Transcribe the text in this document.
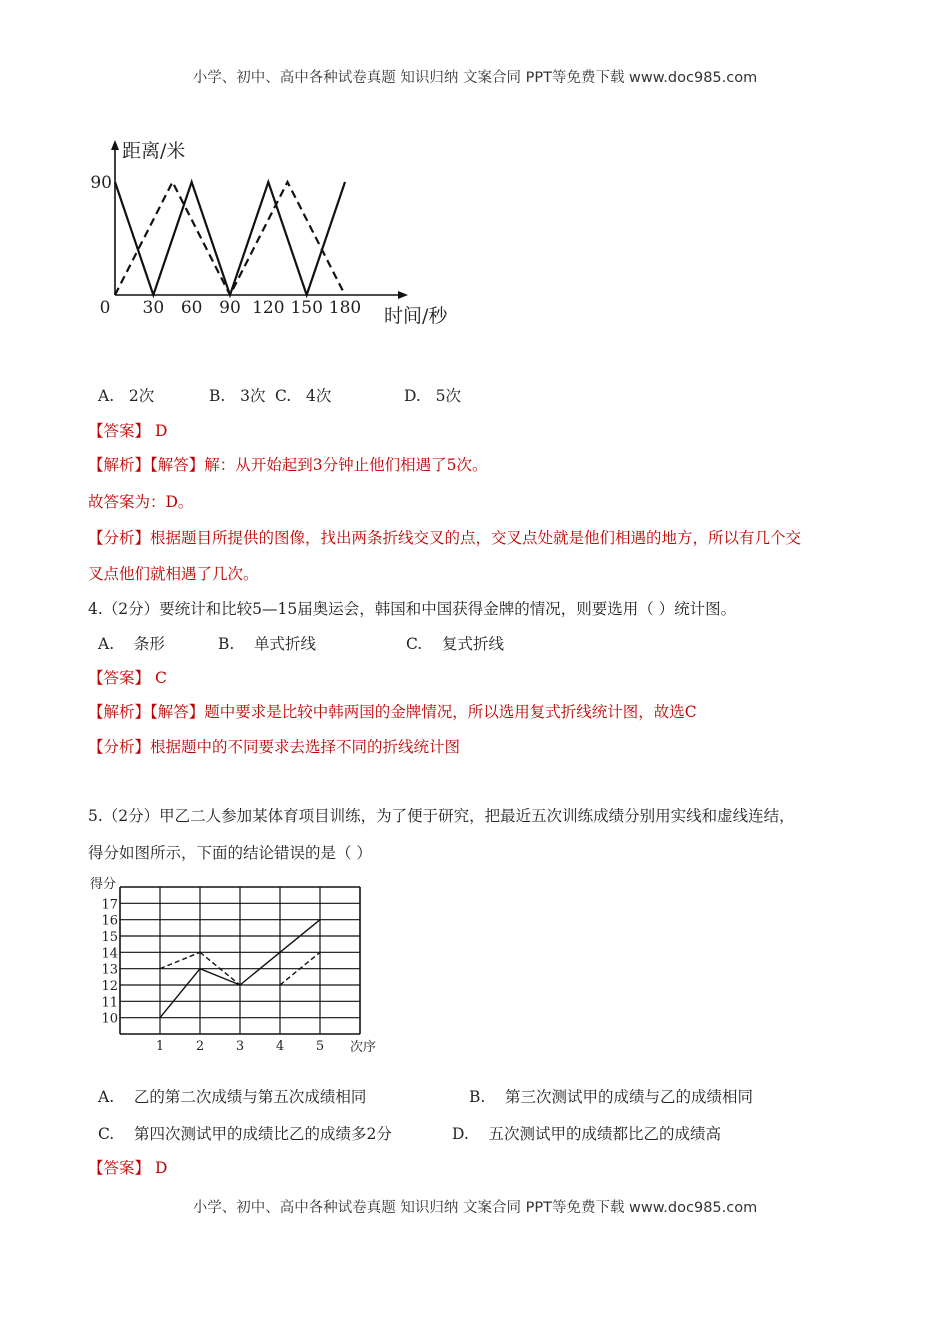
小学、初中、高中各种试卷真题 知识归纳 文案合同 PPT等免费下载 www.doc985.com
距离/米
时间/秒
90
0 30 60 90 120 150 180
A. 2次	B. 3次 C. 4次	D. 5次
【答案】 D
【解析】【解答】解：从开始起到3分钟止他们相遇了5次。
故答案为：D。
【分析】根据题目所提供的图像，找出两条折线交叉的点，交叉点处就是他们相遇的地方，所以有几个交
叉点他们就相遇了几次。
4.（2分）要统计和比较5—15届奥运会，韩国和中国获得金牌的情况，则要选用（ ）统计图。
A. 条形	B. 单式折线	C. 复式折线
【答案】 C
【解析】【解答】题中要求是比较中韩两国的金牌情况，所以选用复式折线统计图，故选C
【分析】根据题中的不同要求去选择不同的折线统计图
5.（2分）甲乙二人参加某体育项目训练，为了便于研究，把最近五次训练成绩分别用实线和虚线连结，
得分如图所示，下面的结论错误的是（ ）
得分
10
11
12
13
14
15
16
17
1 2 3 4 5 次序
A. 乙的第二次成绩与第五次成绩相同	B. 第三次测试甲的成绩与乙的成绩相同
C. 第四次测试甲的成绩比乙的成绩多2分	D. 五次测试甲的成绩都比乙的成绩高
【答案】 D
小学、初中、高中各种试卷真题 知识归纳 文案合同 PPT等免费下载 www.doc985.com
